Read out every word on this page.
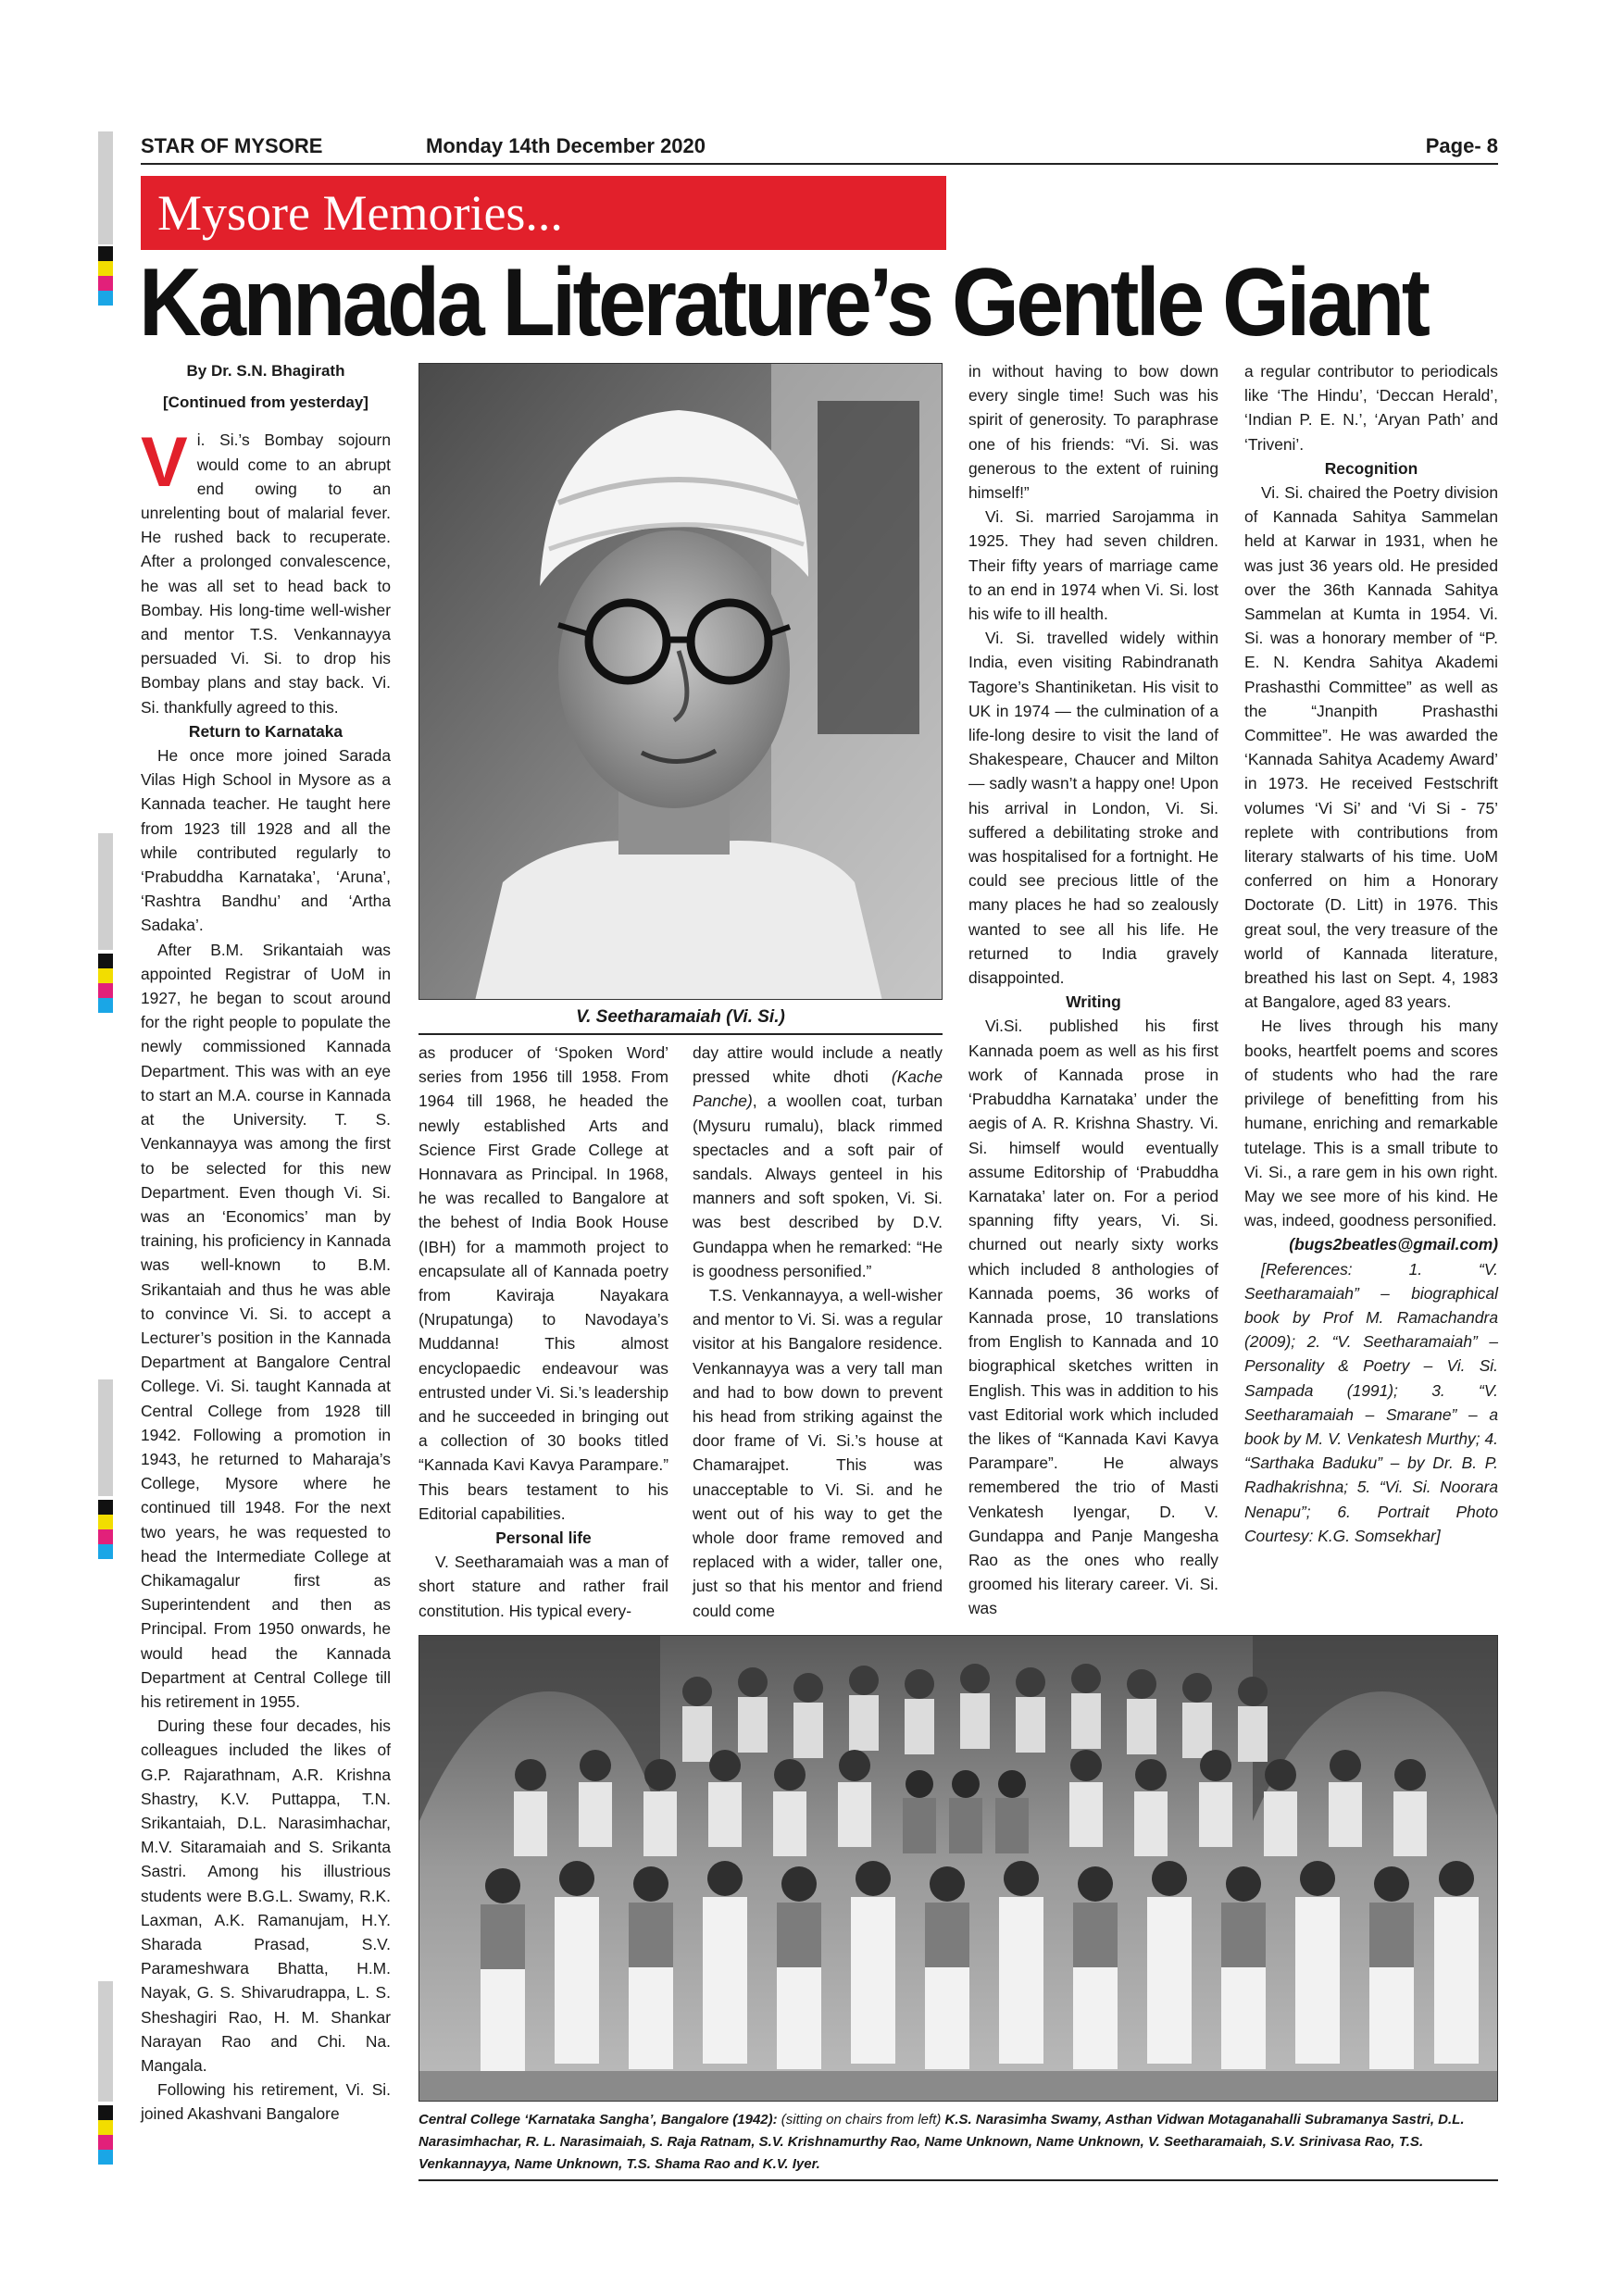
STAR OF MYSORE	Monday 14th December 2020	Page- 8
Mysore Memories...
Kannada Literature’s Gentle Giant

By Dr. S.N. Bhagirath

[Continued from yesterday]

Vi. Si.’s Bombay sojourn would come to an abrupt end owing to an unrelenting bout of malarial fever. He rushed back to recuperate. After a prolonged convalescence, he was all set to head back to Bombay. His long-time well-wisher and mentor T.S. Venkannayya persuaded Vi. Si. to drop his Bombay plans and stay back. Vi. Si. thankfully agreed to this.

Return to Karnataka

He once more joined Sarada Vilas High School in Mysore as a Kannada teacher. He taught here from 1923 till 1928 and all the while contributed regularly to ‘Prabuddha Karnataka’, ‘Aruna’, ‘Rashtra Bandhu’ and ‘Artha Sadaka’.

After B.M. Srikantaiah was appointed Registrar of UoM in 1927, he began to scout around for the right people to populate the newly commissioned Kannada Department. This was with an eye to start an M.A. course in Kannada at the University. T. S. Venkannayya was among the first to be selected for this new Department. Even though Vi. Si. was an ‘Economics’ man by training, his proficiency in Kannada was well-known to B.M. Srikantaiah and thus he was able to convince Vi. Si. to accept a Lecturer’s position in the Kannada Department at Bangalore Central College. Vi. Si. taught Kannada at Central College from 1928 till 1942. Following a promotion in 1943, he returned to Maharaja’s College, Mysore where he continued till 1948. For the next two years, he was requested to head the Intermediate College at Chikamagalur first as Superintendent and then as Principal. From 1950 onwards, he would head the Kannada Department at Central College till his retirement in 1955.

During these four decades, his colleagues included the likes of G.P. Rajarathnam, A.R. Krishna Shastry, K.V. Puttappa, T.N. Srikantaiah, D.L. Narasimhachar, M.V. Sitaramaiah and S. Srikanta Sastri. Among his illustrious students were B.G.L. Swamy, R.K. Laxman, A.K. Ramanujam, H.Y. Sharada Prasad, S.V. Parameshwara Bhatta, H.M. Nayak, G. S. Shivarudrappa, L. S. Sheshagiri Rao, H. M. Shankar Narayan Rao and Chi. Na. Mangala.

Following his retirement, Vi. Si. joined Akashvani Bangalore

V. Seetharamaiah (Vi. Si.)

as producer of ‘Spoken Word’ series from 1956 till 1958. From 1964 till 1968, he headed the newly established Arts and Science First Grade College at Honnavara as Principal. In 1968, he was recalled to Bangalore at the behest of India Book House (IBH) for a mammoth project to encapsulate all of Kannada poetry from Kaviraja Nayakara (Nrupatunga) to Navodaya’s Muddanna! This almost encyclopaedic endeavour was entrusted under Vi. Si.’s leadership and he succeeded in bringing out a collection of 30 books titled “Kannada Kavi Kavya Parampare.” This bears testament to his Editorial capabilities.

Personal life

V. Seetharamaiah was a man of short stature and rather frail constitution. His typical every-

day attire would include a neatly pressed white dhoti (Kache Panche), a woollen coat, turban (Mysuru rumalu), black rimmed spectacles and a soft pair of sandals. Always genteel in his manners and soft spoken, Vi. Si. was best described by D.V. Gundappa when he remarked: “He is goodness personified.”

T.S. Venkannayya, a well-wisher and mentor to Vi. Si. was a regular visitor at his Bangalore residence. Venkannayya was a very tall man and had to bow down to prevent his head from striking against the door frame of Vi. Si.’s house at Chamarajpet. This was unacceptable to Vi. Si. and he went out of his way to get the whole door frame removed and replaced with a wider, taller one, just so that his mentor and friend could come

in without having to bow down every single time! Such was his spirit of generosity. To paraphrase one of his friends: “Vi. Si. was generous to the extent of ruining himself!”

Vi. Si. married Sarojamma in 1925. They had seven children. Their fifty years of marriage came to an end in 1974 when Vi. Si. lost his wife to ill health.

Vi. Si. travelled widely within India, even visiting Rabindranath Tagore’s Shantiniketan. His visit to UK in 1974 — the culmination of a life-long desire to visit the land of Shakespeare, Chaucer and Milton — sadly wasn’t a happy one! Upon his arrival in London, Vi. Si. suffered a debilitating stroke and was hospitalised for a fortnight. He could see precious little of the many places he had so zealously wanted to see all his life. He returned to India gravely disappointed.

Writing

Vi.Si. published his first Kannada poem as well as his first work of Kannada prose in ‘Prabuddha Karnataka’ under the aegis of A. R. Krishna Shastry. Vi. Si. himself would eventually assume Editorship of ‘Prabuddha Karnataka’ later on. For a period spanning fifty years, Vi. Si. churned out nearly sixty works which included 8 anthologies of Kannada poems, 36 works of Kannada prose, 10 translations from English to Kannada and 10 biographical sketches written in English. This was in addition to his vast Editorial work which included the likes of “Kannada Kavi Kavya Parampare”. He always remembered the trio of Masti Venkatesh Iyengar, D. V. Gundappa and Panje Mangesha Rao as the ones who really groomed his literary career. Vi. Si. was

a regular contributor to periodicals like ‘The Hindu’, ‘Deccan Herald’, ‘Indian P. E. N.’, ‘Aryan Path’ and ‘Triveni’.

Recognition

Vi. Si. chaired the Poetry division of Kannada Sahitya Sammelan held at Karwar in 1931, when he was just 36 years old. He presided over the 36th Kannada Sahitya Sammelan at Kumta in 1954. Vi. Si. was a honorary member of “P. E. N. Kendra Sahitya Akademi Prashasthi Committee” as well as the “Jnanpith Prashasthi Committee”. He was awarded the ‘Kannada Sahitya Academy Award’ in 1973. He received Festschrift volumes ‘Vi Si’ and ‘Vi Si - 75’ replete with contributions from literary stalwarts of his time. UoM conferred on him a Honorary Doctorate (D. Litt) in 1976. This great soul, the very treasure of the world of Kannada literature, breathed his last on Sept. 4, 1983 at Bangalore, aged 83 years.

He lives through his many books, heartfelt poems and scores of students who had the rare privilege of benefitting from his humane, enriching and remarkable tutelage. This is a small tribute to Vi. Si., a rare gem in his own right. May we see more of his kind. He was, indeed, goodness personified.

(bugs2beatles@gmail.com)

[References: 1. “V. Seetharamaiah” – biographical book by Prof M. Ramachandra (2009); 2. “V. Seetharamaiah” – Personality & Poetry – Vi. Si. Sampada (1991); 3. “V. Seetharamaiah – Smarane” – a book by M. V. Venkatesh Murthy; 4. “Sarthaka Baduku” – by Dr. B. P. Radhakrishna; 5. “Vi. Si. Noorara Nenapu”; 6. Portrait Photo Courtesy: K.G. Somsekhar]

Central College ‘Karnataka Sangha’, Bangalore (1942): (sitting on chairs from left) K.S. Narasimha Swamy, Asthan Vidwan Motaganahalli Subramanya Sastri, D.L. Narasimhachar, R. L. Narasimaiah, S. Raja Ratnam, S.V. Krishnamurthy Rao, Name Unknown, Name Unknown, V. Seetharamaiah, S.V. Srinivasa Rao, T.S. Venkannayya, Name Unknown, T.S. Shama Rao and K.V. Iyer.
